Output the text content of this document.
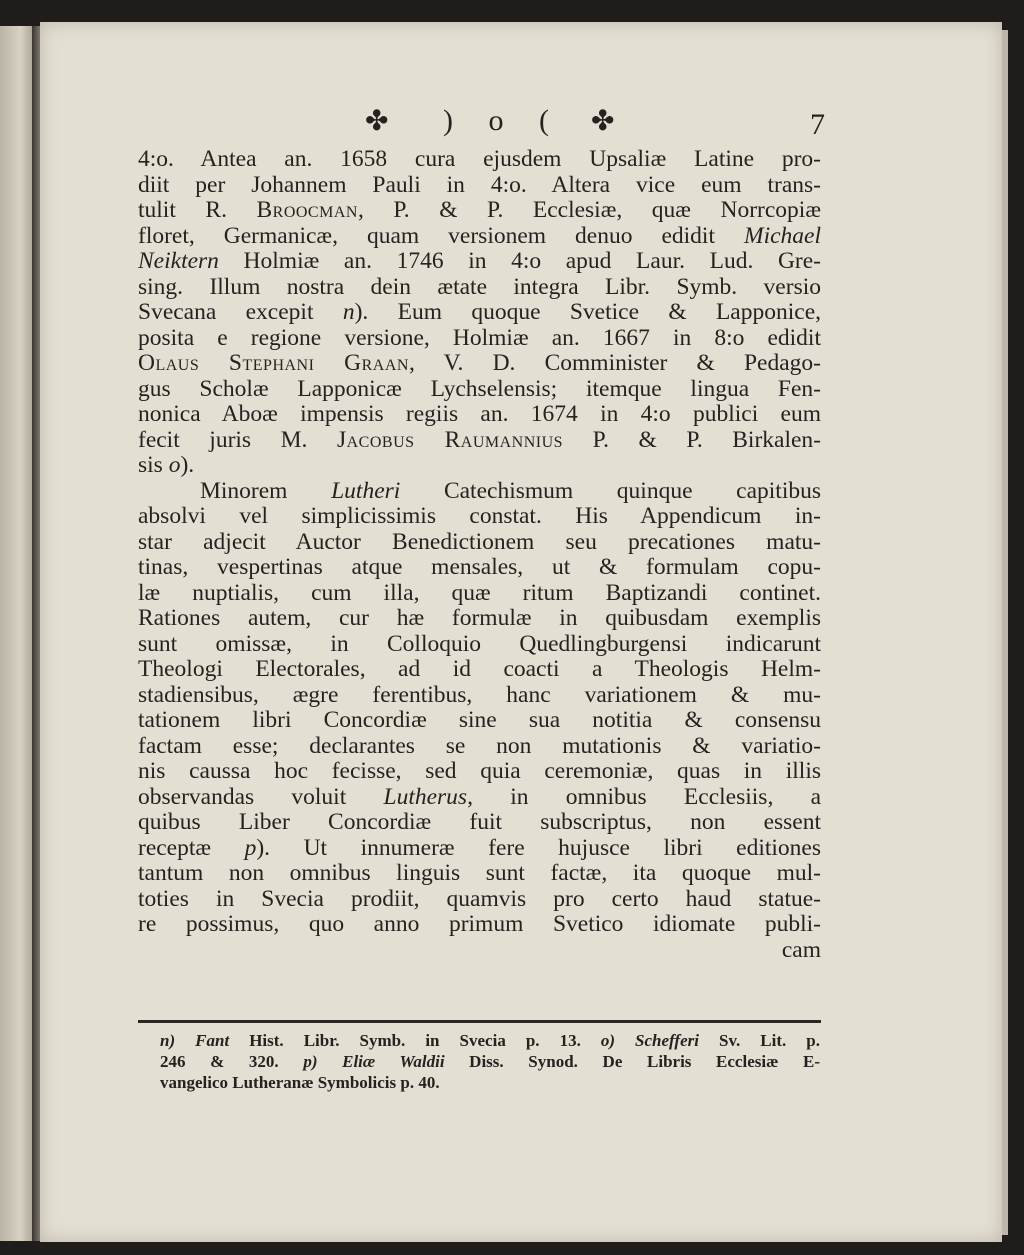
✤ ) o ( ✤	7
4:o. Antea an. 1658 cura ejusdem Upsaliæ Latine pro-
diit per Johannem Pauli in 4:o. Altera vice eum trans-
tulit R. Broocman, P. & P. Ecclesiæ, quæ Norrcopiæ
floret, Germanicæ, quam versionem denuo edidit Michael
Neiktern Holmiæ an. 1746 in 4:o apud Laur. Lud. Gre-
sing. Illum nostra dein ætate integra Libr. Symb. versio
Svecana excepit n). Eum quoque Svetice & Lapponice,
posita e regione versione, Holmiæ an. 1667 in 8:o edidit
Olaus Stephani Graan, V. D. Comminister & Pedago-
gus Scholæ Lapponicæ Lychselensis; itemque lingua Fen-
nonica Aboæ impensis regiis an. 1674 in 4:o publici eum
fecit juris M. Jacobus Raumannius P. & P. Birkalen-
sis o).
Minorem Lutheri Catechismum quinque capitibus
absolvi vel simplicissimis constat. His Appendicum in-
star adjecit Auctor Benedictionem seu precationes matu-
tinas, vespertinas atque mensales, ut & formulam copu-
læ nuptialis, cum illa, quæ ritum Baptizandi continet.
Rationes autem, cur hæ formulæ in quibusdam exemplis
sunt omissæ, in Colloquio Quedlingburgensi indicarunt
Theologi Electorales, ad id coacti a Theologis Helm-
stadiensibus, ægre ferentibus, hanc variationem & mu-
tationem libri Concordiæ sine sua notitia & consensu
factam esse; declarantes se non mutationis & variatio-
nis caussa hoc fecisse, sed quia ceremoniæ, quas in illis
observandas voluit Lutherus, in omnibus Ecclesiis, a
quibus Liber Concordiæ fuit subscriptus, non essent
receptæ p). Ut innumeræ fere hujusce libri editiones
tantum non omnibus linguis sunt factæ, ita quoque mul-
toties in Svecia prodiit, quamvis pro certo haud statue-
re possimus, quo anno primum Svetico idiomate publi-
cam
n) Fant Hist. Libr. Symb. in Svecia p. 13. o) Schefferi Sv. Lit. p.
246 & 320. p) Eliæ Waldii Diss. Synod. De Libris Ecclesiæ E-
vangelico Lutheranæ Symbolicis p. 40.
